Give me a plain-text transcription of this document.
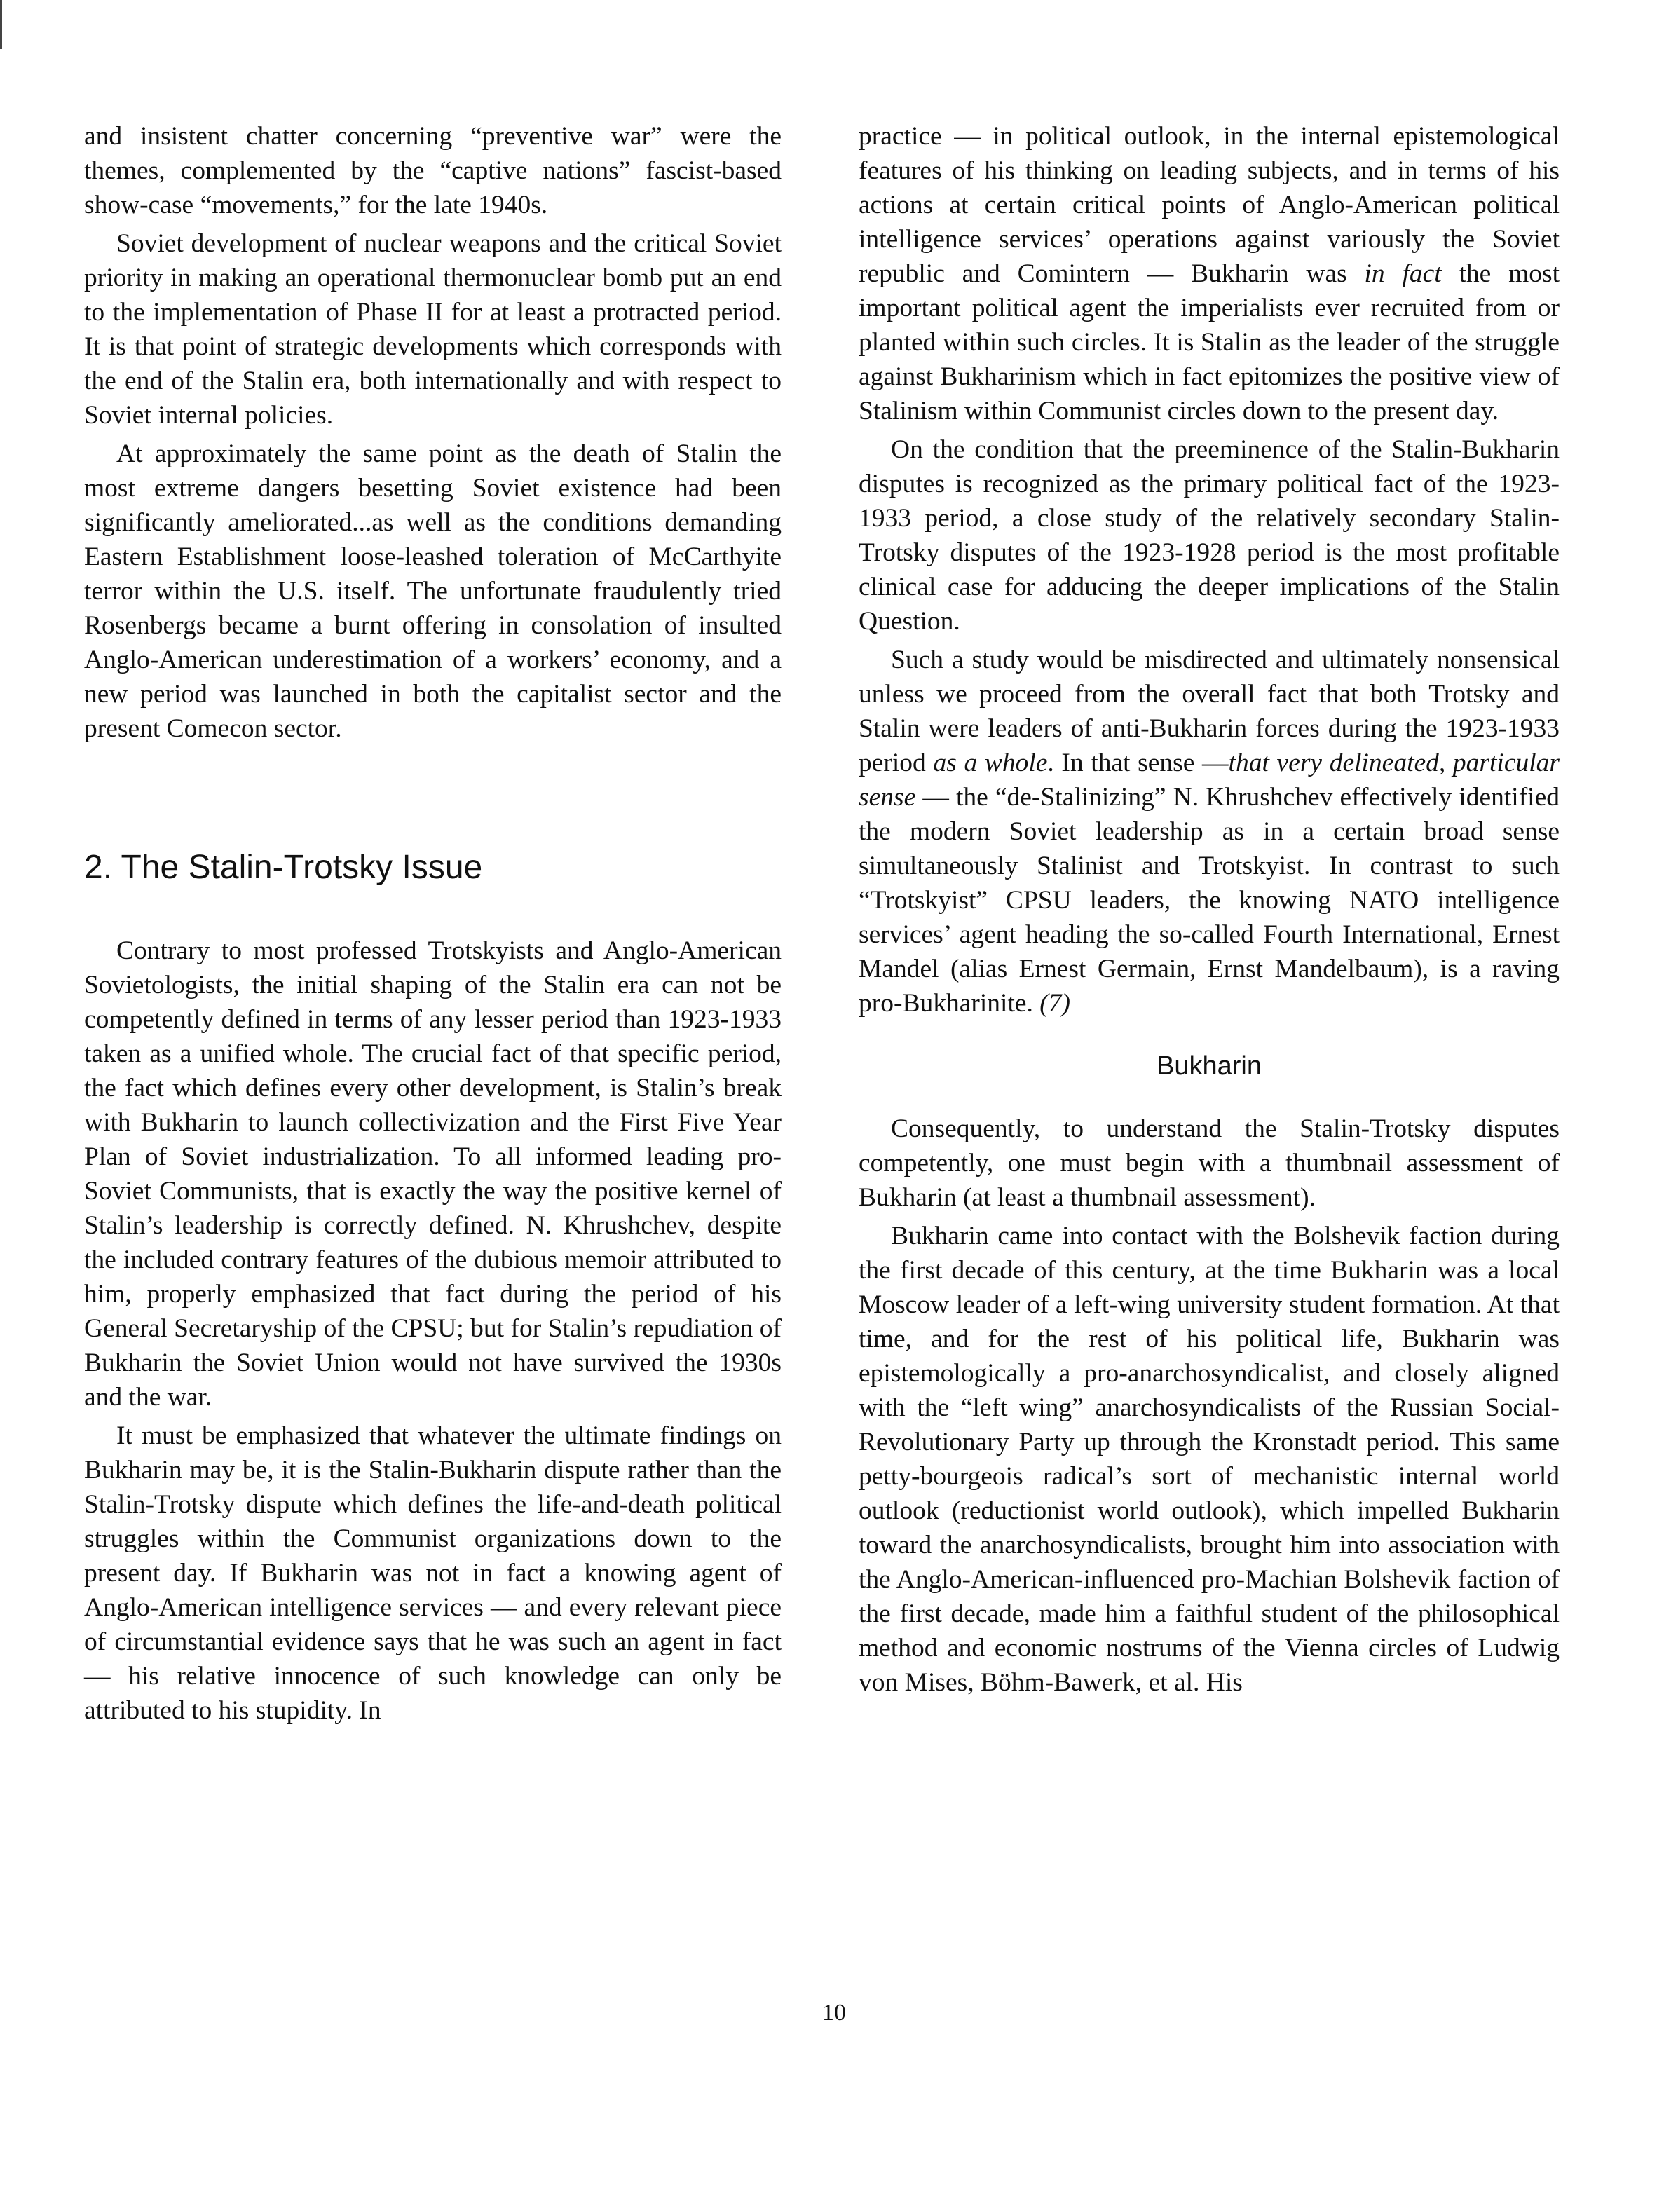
and insistent chatter concerning “preventive war” were the themes, complemented by the “captive nations” fascist-based show-case “movements,” for the late 1940s.

Soviet development of nuclear weapons and the critical Soviet priority in making an operational thermonuclear bomb put an end to the implementation of Phase II for at least a protracted period. It is that point of strategic developments which corresponds with the end of the Stalin era, both internationally and with respect to Soviet internal policies.

At approximately the same point as the death of Stalin the most extreme dangers besetting Soviet existence had been significantly ameliorated...as well as the conditions demanding Eastern Establishment loose-leashed toleration of McCarthyite terror within the U.S. itself. The unfortunate fraudulently tried Rosenbergs became a burnt offering in consolation of insulted Anglo-American underestimation of a workers’ economy, and a new period was launched in both the capitalist sector and the present Comecon sector.

2. The Stalin-Trotsky Issue

Contrary to most professed Trotskyists and Anglo-American Sovietologists, the initial shaping of the Stalin era can not be competently defined in terms of any lesser period than 1923-1933 taken as a unified whole. The crucial fact of that specific period, the fact which defines every other development, is Stalin’s break with Bukharin to launch collectivization and the First Five Year Plan of Soviet industrialization. To all informed leading pro-Soviet Communists, that is exactly the way the positive kernel of Stalin’s leadership is correctly defined. N. Khrushchev, despite the included contrary features of the dubious memoir attributed to him, properly emphasized that fact during the period of his General Secretaryship of the CPSU; but for Stalin’s repudiation of Bukharin the Soviet Union would not have survived the 1930s and the war.

It must be emphasized that whatever the ultimate findings on Bukharin may be, it is the Stalin-Bukharin dispute rather than the Stalin-Trotsky dispute which defines the life-and-death political struggles within the Communist organizations down to the present day. If Bukharin was not in fact a knowing agent of Anglo-American intelligence services — and every relevant piece of circumstantial evidence says that he was such an agent in fact — his relative innocence of such knowledge can only be attributed to his stupidity. In

practice — in political outlook, in the internal epistemological features of his thinking on leading subjects, and in terms of his actions at certain critical points of Anglo-American political intelligence services’ operations against variously the Soviet republic and Comintern — Bukharin was in fact the most important political agent the imperialists ever recruited from or planted within such circles. It is Stalin as the leader of the struggle against Bukharinism which in fact epitomizes the positive view of Stalinism within Communist circles down to the present day.

On the condition that the preeminence of the Stalin-Bukharin disputes is recognized as the primary political fact of the 1923-1933 period, a close study of the relatively secondary Stalin-Trotsky disputes of the 1923-1928 period is the most profitable clinical case for adducing the deeper implications of the Stalin Question.

Such a study would be misdirected and ultimately nonsensical unless we proceed from the overall fact that both Trotsky and Stalin were leaders of anti-Bukharin forces during the 1923-1933 period as a whole. In that sense —that very delineated, particular sense — the “de-Stalinizing” N. Khrushchev effectively identified the modern Soviet leadership as in a certain broad sense simultaneously Stalinist and Trotskyist. In contrast to such “Trotskyist” CPSU leaders, the knowing NATO intelligence services’ agent heading the so-called Fourth International, Ernest Mandel (alias Ernest Germain, Ernst Mandelbaum), is a raving pro-Bukharinite. (7)

Bukharin

Consequently, to understand the Stalin-Trotsky disputes competently, one must begin with a thumbnail assessment of Bukharin (at least a thumbnail assessment).

Bukharin came into contact with the Bolshevik faction during the first decade of this century, at the time Bukharin was a local Moscow leader of a left-wing university student formation. At that time, and for the rest of his political life, Bukharin was epistemologically a pro-anarchosyndicalist, and closely aligned with the “left wing” anarchosyndicalists of the Russian Social-Revolutionary Party up through the Kronstadt period. This same petty-bourgeois radical’s sort of mechanistic internal world outlook (reductionist world outlook), which impelled Bukharin toward the anarchosyndicalists, brought him into association with the Anglo-American-influenced pro-Machian Bolshevik faction of the first decade, made him a faithful student of the philosophical method and economic nostrums of the Vienna circles of Ludwig von Mises, Böhm-Bawerk, et al. His

10
